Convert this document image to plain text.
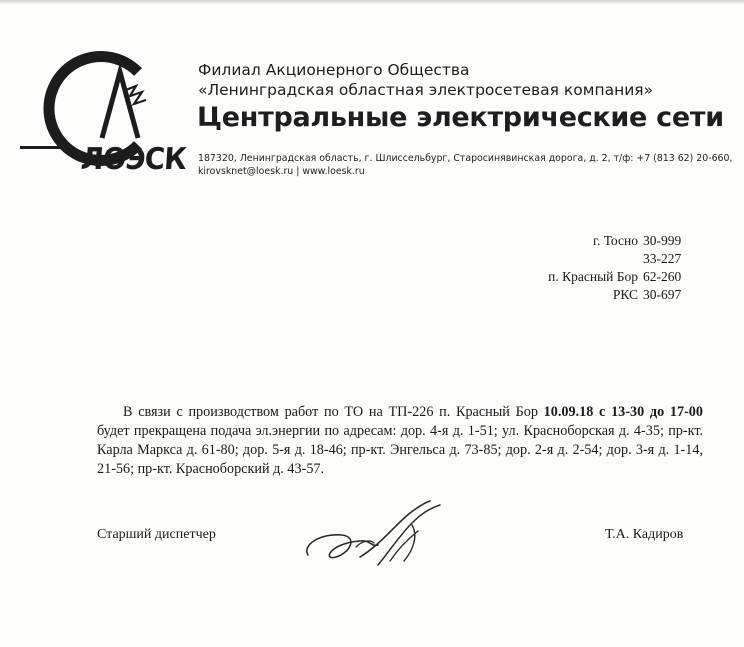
ЛОЭСК
Филиал Акционерного Общества
«Ленинградская областная электросетевая компания»
Центральные электрические сети
187320, Ленинградская область, г. Шлиссельбург, Старосинявинская дорога, д. 2, т/ф: +7 (813 62) 20-660,
kirovsknet@loesk.ru | www.loesk.ru
г. Тосно 30-999
33-227
п. Красный Бор 62-260
РКС 30-697
В связи с производством работ по ТО на ТП-226 п. Красный Бор 10.09.18 с 13-30 до 17-00 будет прекращена подача эл.энергии по адресам: дор. 4-я д. 1-51; ул. Красноборская д. 4-35; пр-кт. Карла Маркса д. 61-80; дор. 5-я д. 18-46; пр-кт. Энгельса д. 73-85; дор. 2-я д. 2-54; дор. 3-я д. 1-14, 21-56; пр-кт. Красноборский д. 43-57.
Старший диспетчер	Т.А. Кадиров
